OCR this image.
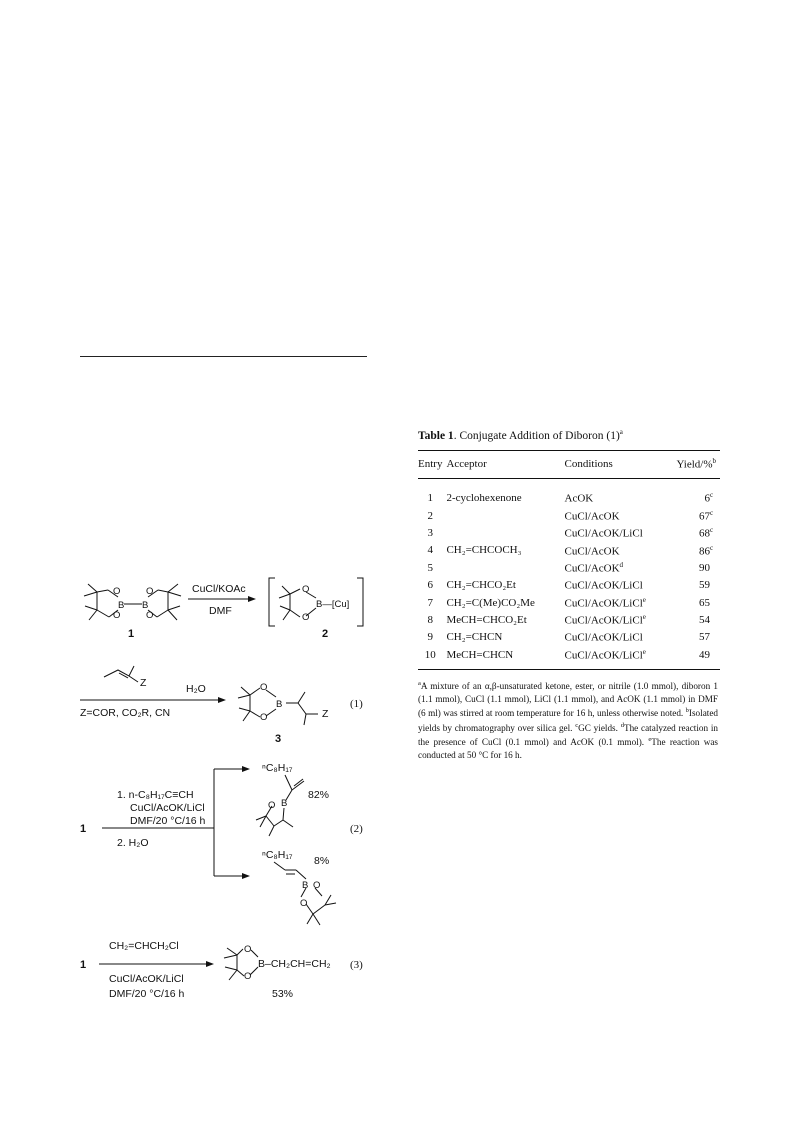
O
O
B B
O
O
O
O
B—[Cu]
O
O
B
O B
B O
O
O
O
CuCl/KOAc
DMF
1	2
Z	H₂O
Z=COR, CO₂R, CN	Z
3
(1)
1. n-C₈H₁₇C≡CH
CuCl/AcOK/LiCl
DMF/20 °C/16 h
1
2. H₂O
ⁿC₈H₁₇
82%
ⁿC₈H₁₇ 8%
(2)
CH₂=CHCH₂Cl
1
CuCl/AcOK/LiCl
DMF/20 °C/16 h
B–CH₂CH=CH₂
53%
(3)
Table 1. Conjugate Addition of Diboron $(1)^a$
Entry	Acceptor	Conditions	Yield/%$^b$
1	2-cyclohexenone	AcOK	6$^c$
2		CuCl/AcOK	67$^c$
3		CuCl/AcOK/LiCl	68$^c$
4	CH₂=CHCOCH₃	CuCl/AcOK	86$^c$
5		CuCl/AcOK$^d$	90
6	CH₂=CHCO₂Et	CuCl/AcOK/LiCl	59
7	CH₂=C(Me)CO₂Me	CuCl/AcOK/LiCl$^e$	65
8	MeCH=CHCO₂Et	CuCl/AcOK/LiCl$^e$	54
9	CH₂=CHCN	CuCl/AcOK/LiCl	57
10	MeCH=CHCN	CuCl/AcOK/LiCl$^e$	49
$^a$A mixture of an α,β-unsaturated ketone, ester, or nitrile (1.0 mmol), diboron 1 (1.1 mmol), CuCl (1.1 mmol), LiCl (1.1 mmol), and AcOK (1.1 mmol) in DMF (6 ml) was stirred at room temperature for 16 h, unless otherwise noted. $^b$Isolated yields by chromatography over silica gel. $^c$GC yields. $^d$The catalyzed reaction in the presence of CuCl (0.1 mmol) and AcOK (0.1 mmol). $^e$The reaction was conducted at 50 °C for 16 h.
